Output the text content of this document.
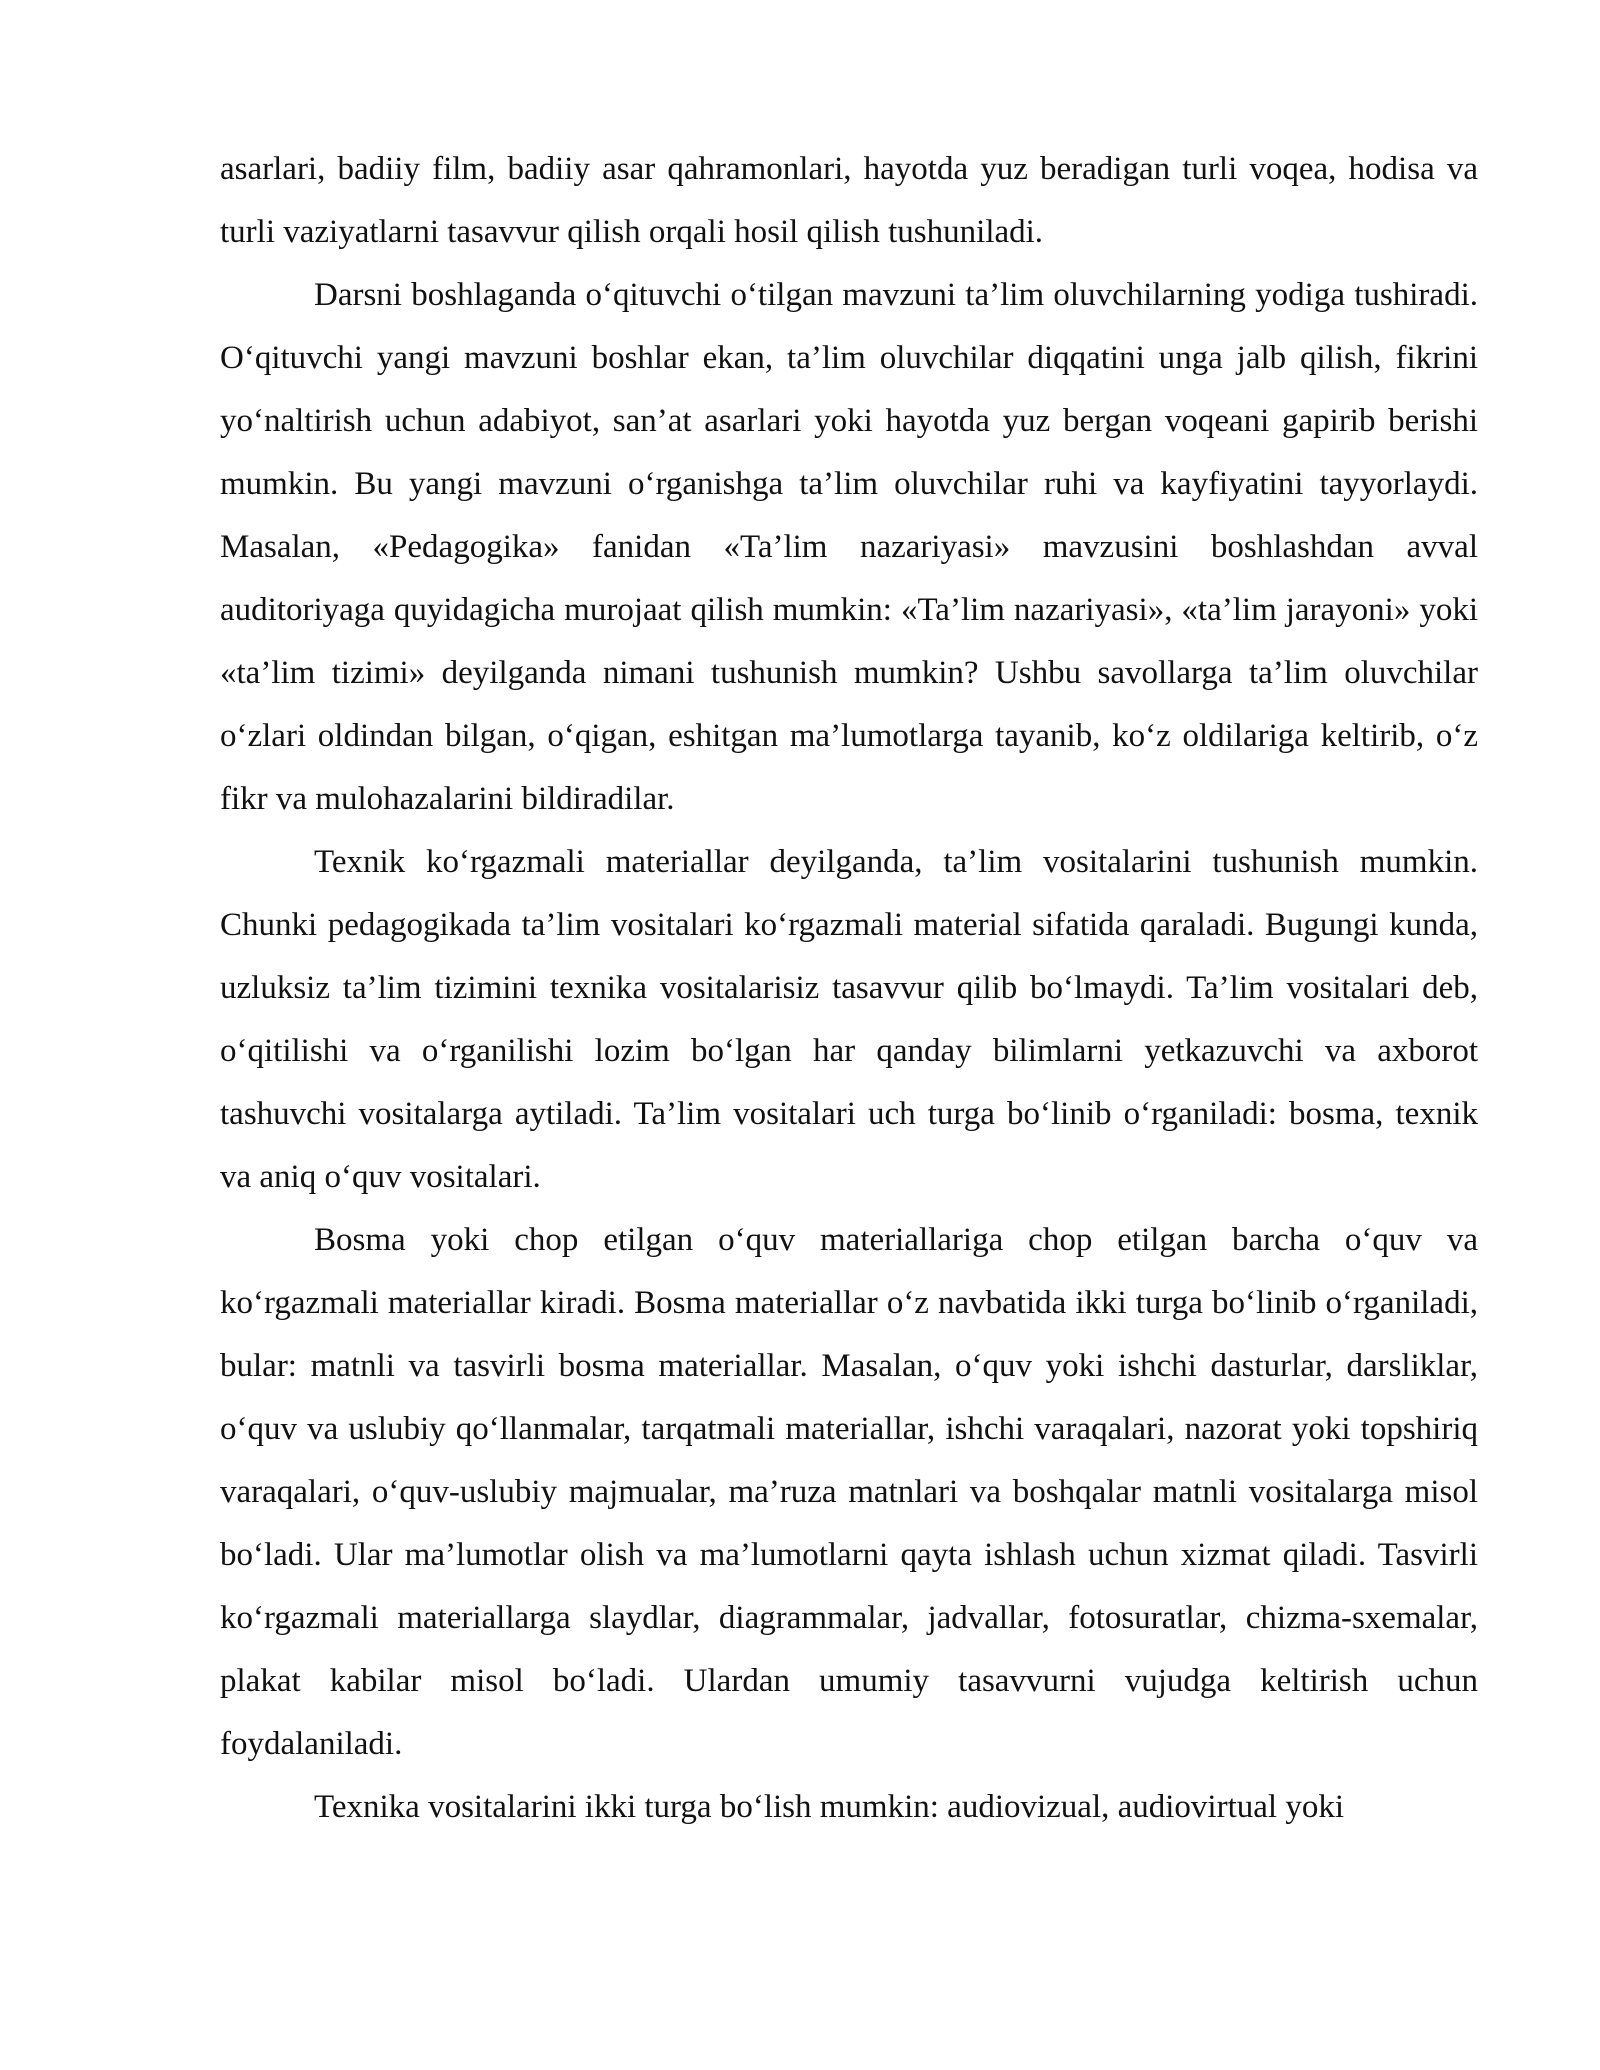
asarlari, badiiy film, badiiy asar qahramonlari, hayotda yuz beradigan turli voqea, hodisa va turli vaziyatlarni tasavvur qilish orqali hosil qilish tushuniladi.

Darsni boshlaganda o‘qituvchi o‘tilgan mavzuni ta’lim oluvchilarning yodiga tushiradi. O‘qituvchi yangi mavzuni boshlar ekan, ta’lim oluvchilar diqqatini unga jalb qilish, fikrini yo‘naltirish uchun adabiyot, san’at asarlari yoki hayotda yuz bergan voqeani gapirib berishi mumkin. Bu yangi mavzuni o‘rganishga ta’lim oluvchilar ruhi va kayfiyatini tayyorlaydi. Masalan, «Pedagogika» fanidan «Ta’lim nazariyasi» mavzusini boshlashdan avval auditoriyaga quyidagicha murojaat qilish mumkin: «Ta’lim nazariyasi», «ta’lim jarayoni» yoki «ta’lim tizimi» deyilganda nimani tushunish mumkin? Ushbu savollarga ta’lim oluvchilar o‘zlari oldindan bilgan, o‘qigan, eshitgan ma’lumotlarga tayanib, ko‘z oldilariga keltirib, o‘z fikr va mulohazalarini bildiradilar.

Texnik ko‘rgazmali materiallar deyilganda, ta’lim vositalarini tushunish mumkin. Chunki pedagogikada ta’lim vositalari ko‘rgazmali material sifatida qaraladi. Bugungi kunda, uzluksiz ta’lim tizimini texnika vositalarisiz tasavvur qilib bo‘lmaydi. Ta’lim vositalari deb, o‘qitilishi va o‘rganilishi lozim bo‘lgan har qanday bilimlarni yetkazuvchi va axborot tashuvchi vositalarga aytiladi. Ta’lim vositalari uch turga bo‘linib o‘rganiladi: bosma, texnik va aniq o‘quv vositalari.

Bosma yoki chop etilgan o‘quv materiallariga chop etilgan barcha o‘quv va ko‘rgazmali materiallar kiradi. Bosma materiallar o‘z navbatida ikki turga bo‘linib o‘rganiladi, bular: matnli va tasvirli bosma materiallar. Masalan, o‘quv yoki ishchi dasturlar, darsliklar, o‘quv va uslubiy qo‘llanmalar, tarqatmali materiallar, ishchi varaqalari, nazorat yoki topshiriq varaqalari, o‘quv-uslubiy majmualar, ma’ruza matnlari va boshqalar matnli vositalarga misol bo‘ladi. Ular ma’lumotlar olish va ma’lumotlarni qayta ishlash uchun xizmat qiladi. Tasvirli ko‘rgazmali materiallarga slaydlar, diagrammalar, jadvallar, fotosuratlar, chizma-sxemalar, plakat kabilar misol bo‘ladi. Ulardan umumiy tasavvurni vujudga keltirish uchun foydalaniladi.

Texnika vositalarini ikki turga bo‘lish mumkin: audiovizual, audiovirtual yoki
